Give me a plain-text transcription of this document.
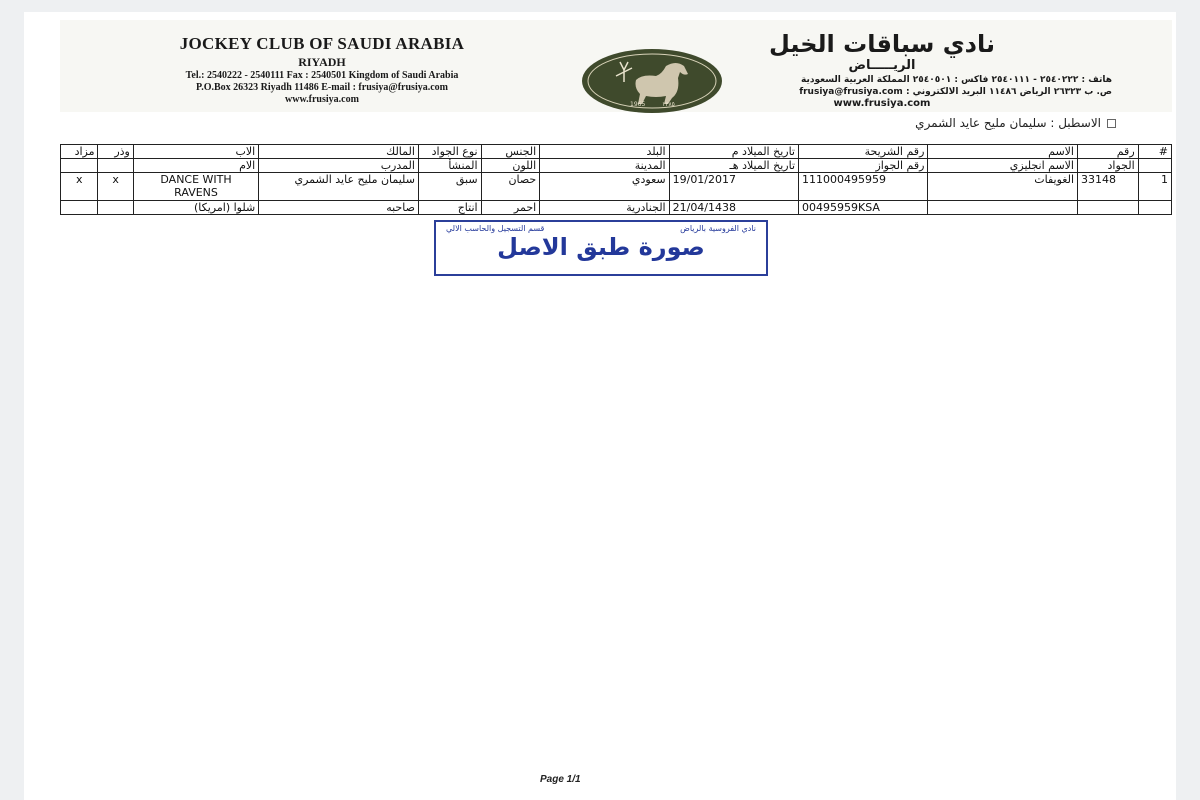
JOCKEY CLUB OF SAUDI ARABIA
RIYADH
Tel.: 2540222 - 2540111 Fax : 2540501 Kingdom of Saudi Arabia
P.O.Box 26323 Riyadh 11486 E-mail : frusiya@frusiya.com
www.frusiya.com	1965	١٣٨٥
نادي سباقات الخيل
الريـــــاض
هاتف : ٢٥٤٠٢٢٢ - ٢٥٤٠١١١ فاكس : ٢٥٤٠٥٠١ المملكة العربية السعودية
ص. ب ٢٦٣٢٣ الرياض ١١٤٨٦ البريد الالكتروني : frusiya@frusiya.com
www.frusiya.com
الاسطبل : سليمان مليح عايد الشمري
#	رقم	الاسم	رقم الشريحة	تاريخ الميلاد م	البلد	الجنس	نوع الجواد	المالك	الاب	وذر	مزاد
	الجواد	الاسم انجليزي	رقم الجواز	تاريخ الميلاد هـ	المدينة	اللون	المنشأ	المدرب	الام		
1	33148	الغويفات	111000495959	19/01/2017	سعودي	حصان	سبق	سليمان مليح عايد الشمري	DANCE WITH RAVENS	x	x
			00495959KSA	21/04/1438	الجنادرية	احمر	انتاج	صاحبه	شلوا (امريكا)		
نادي الفروسية بالرياض
قسم التسجيل والحاسب الالي
صورة طبق الاصل
Page 1/1
